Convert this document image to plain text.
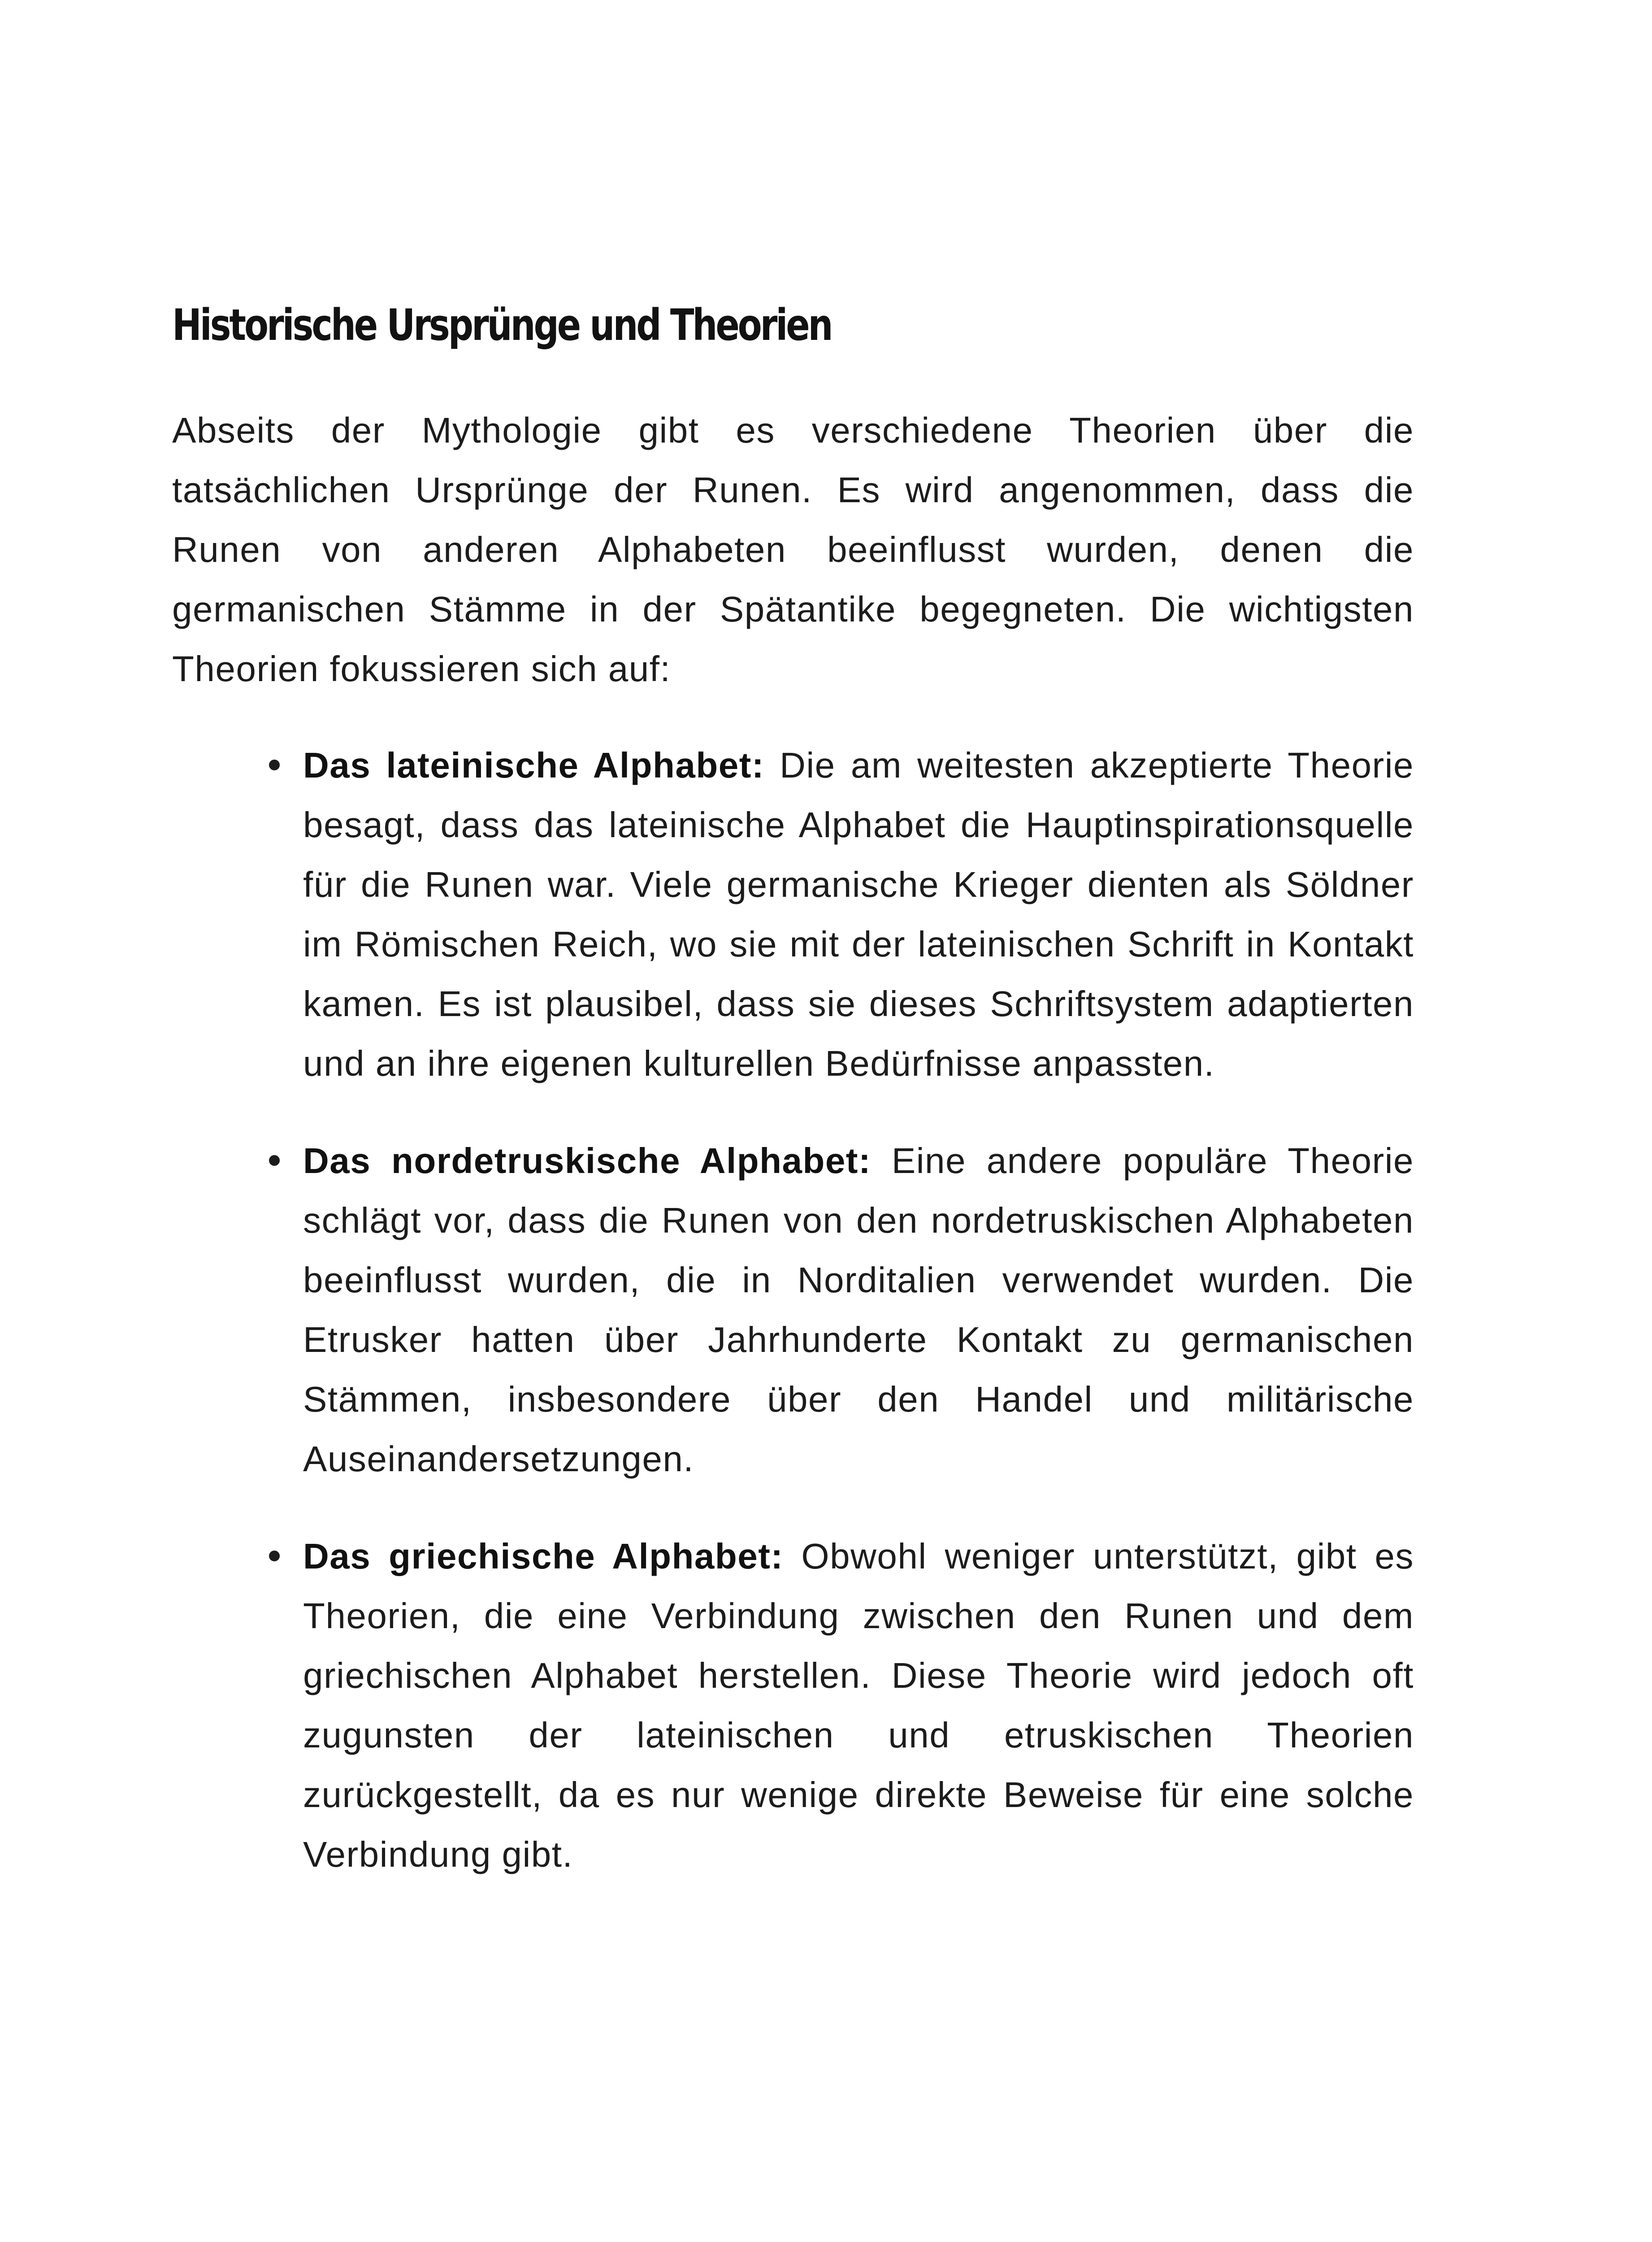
Historische Ursprünge und Theorien

Abseits der Mythologie gibt es verschiedene Theorien über die tatsächlichen Ursprünge der Runen. Es wird angenommen, dass die Runen von anderen Alphabeten beeinflusst wurden, denen die germanischen Stämme in der Spätantike begegneten. Die wichtigsten Theorien fokussieren sich auf:

Das lateinische Alphabet: Die am weitesten akzeptierte Theorie besagt, dass das lateinische Alphabet die Hauptinspirationsquelle für die Runen war. Viele germanische Krieger dienten als Söldner im Römischen Reich, wo sie mit der lateinischen Schrift in Kontakt kamen. Es ist plausibel, dass sie dieses Schriftsystem adaptierten und an ihre eigenen kulturellen Bedürfnisse anpassten.
Das nordetruskische Alphabet: Eine andere populäre Theorie schlägt vor, dass die Runen von den nordetruskischen Alphabeten beeinflusst wurden, die in Norditalien verwendet wurden. Die Etrusker hatten über Jahrhunderte Kontakt zu germanischen Stämmen, insbesondere über den Handel und militärische Auseinandersetzungen.
Das griechische Alphabet: Obwohl weniger unterstützt, gibt es Theorien, die eine Verbindung zwischen den Runen und dem griechischen Alphabet herstellen. Diese Theorie wird jedoch oft zugunsten der lateinischen und etruskischen Theorien zurückgestellt, da es nur wenige direkte Beweise für eine solche Verbindung gibt.
